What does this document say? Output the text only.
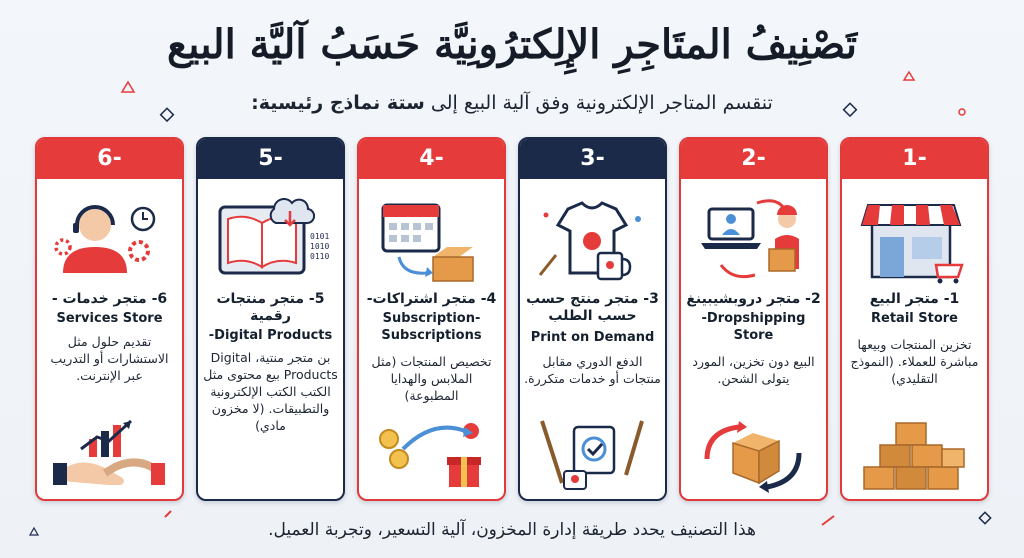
تَصْنِيفُ المتَاجِرِ الإِلِكترُونِيَّة حَسَبُ آليَّة البيع
تنقسم المتاجر الإلكترونية وفق آلية البيع إلى ستة نماذج رئيسية:
6-
6- متجر خدمات -
Services Store
تقديم حلول مثل الاستشارات أو التدريب عبر الإنترنت.
5-
0101
1010
0110
5- متجر منتجات رقمية
-Digital Products
بن متجر منتية، Digital Products بيع محتوى مثل الكتب الكتب الإلكترونية والتطبيقات. (لا مخزون مادي)
4-
4- متجر اشتراكات-
Subscription-Subscriptions
تخصيص المنتجات (مثل الملابس والهدايا المطبوعة)
3-
3- متجر منتج حسب حسب الطلب
Print on Demand
الدفع الدوري مقابل منتجات أو خدمات متكررة.
2-
2- متجر دروبشيبينغ
-Dropshipping Store
البيع دون تخزين، المورد يتولى الشحن.
1-
1- متجر البيع
Retail Store
تخزين المنتجات وبيعها مباشرة للعملاء. (النموذج التقليدي)
هذا التصنيف يحدد طريقة إدارة المخزون، آلية التسعير، وتجربة العميل.
